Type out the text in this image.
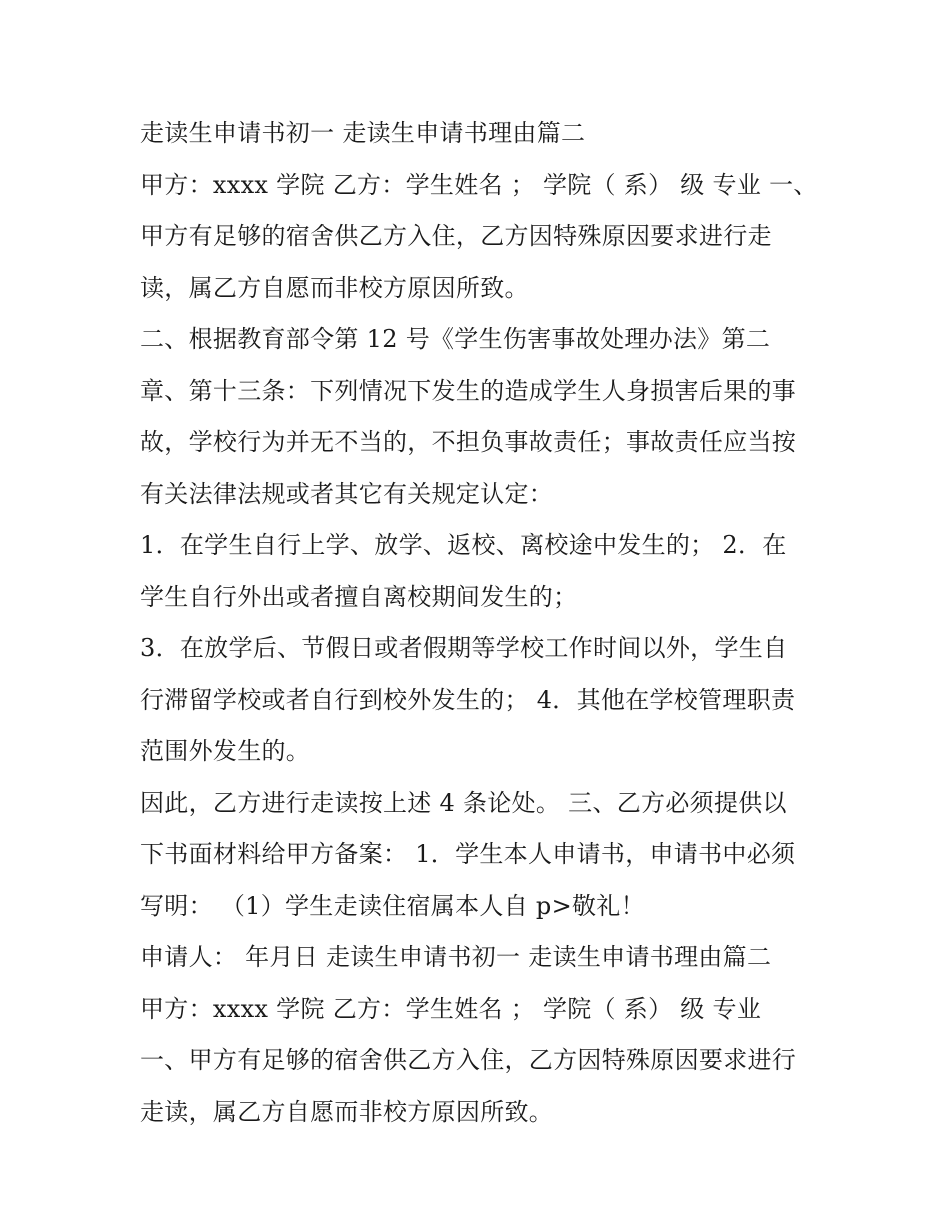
走读生申请书初一 走读生申请书理由篇二
甲方：xxxx 学院 乙方：学生姓名 ； 学院（ 系） 级 专业 一、
甲方有足够的宿舍供乙方入住，乙方因特殊原因要求进行走
读，属乙方自愿而非校方原因所致。
二、根据教育部令第 12 号《学生伤害事故处理办法》第二
章、第十三条：下列情况下发生的造成学生人身损害后果的事
故，学校行为并无不当的，不担负事故责任；事故责任应当按
有关法律法规或者其它有关规定认定：
1．在学生自行上学、放学、返校、离校途中发生的； 2．在
学生自行外出或者擅自离校期间发生的；
3．在放学后、节假日或者假期等学校工作时间以外，学生自
行滞留学校或者自行到校外发生的； 4．其他在学校管理职责
范围外发生的。
因此，乙方进行走读按上述 4 条论处。 三、乙方必须提供以
下书面材料给甲方备案： 1．学生本人申请书，申请书中必须
写明： （1）学生走读住宿属本人自 p>敬礼！
申请人： 年月日 走读生申请书初一 走读生申请书理由篇二
甲方：xxxx 学院 乙方：学生姓名 ； 学院（ 系） 级 专业
一、甲方有足够的宿舍供乙方入住，乙方因特殊原因要求进行
走读，属乙方自愿而非校方原因所致。
